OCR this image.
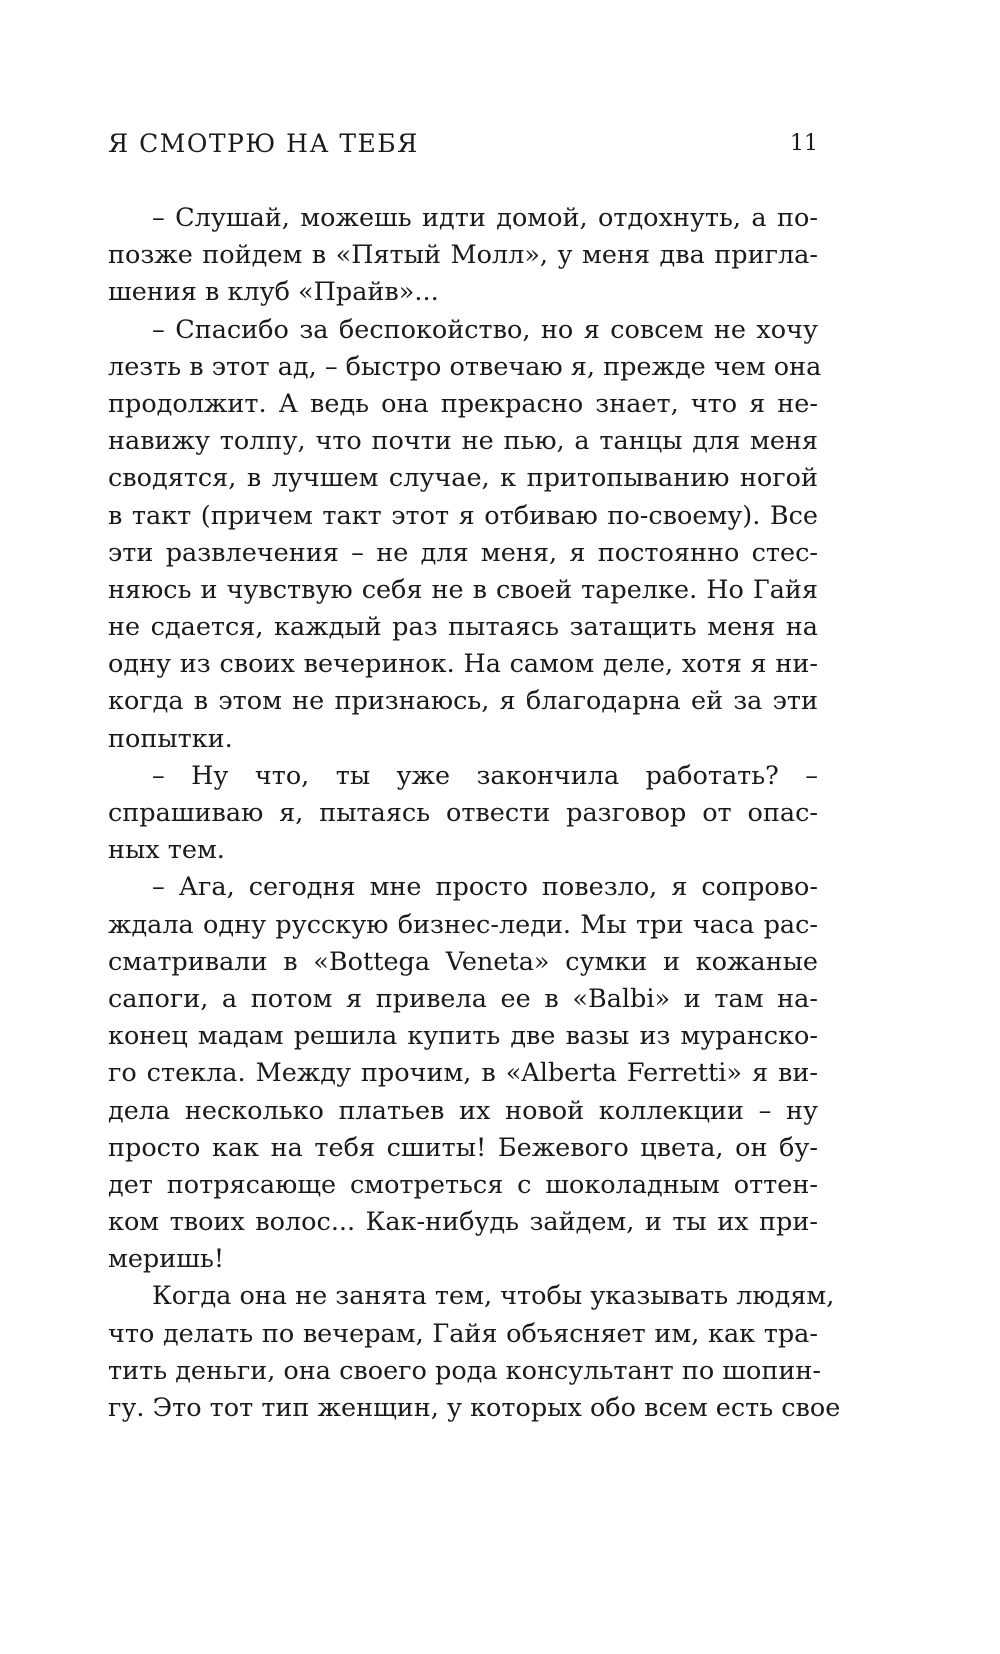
Я СМОТРЮ НА ТЕБЯ	11
– Слушай, можешь идти домой, отдохнуть, а по-
позже пойдем в «Пятый Молл», у меня два пригла-
шения в клуб «Прайв»...
– Спасибо за беспокойство, но я совсем не хочу
лезть в этот ад, – быстро отвечаю я, прежде чем она
продолжит. А ведь она прекрасно знает, что я не-
навижу толпу, что почти не пью, а танцы для меня
сводятся, в лучшем случае, к притопыванию ногой
в такт (причем такт этот я отбиваю по-своему). Все
эти развлечения – не для меня, я постоянно стес-
няюсь и чувствую себя не в своей тарелке. Но Гайя
не сдается, каждый раз пытаясь затащить меня на
одну из своих вечеринок. На самом деле, хотя я ни-
когда в этом не признаюсь, я благодарна ей за эти
попытки.
– Ну что, ты уже закончила работать? –
спрашиваю я, пытаясь отвести разговор от опас-
ных тем.
– Ага, сегодня мне просто повезло, я сопрово-
ждала одну русскую бизнес-леди. Мы три часа рас-
сматривали в «Bottega Veneta» сумки и кожаные
сапоги, а потом я привела ее в «Balbi» и там на-
конец мадам решила купить две вазы из муранско-
го стекла. Между прочим, в «Alberta Ferretti» я ви-
дела несколько платьев их новой коллекции – ну
просто как на тебя сшиты! Бежевого цвета, он бу-
дет потрясающе смотреться с шоколадным оттен-
ком твоих волос... Как-нибудь зайдем, и ты их при-
меришь!
Когда она не занята тем, чтобы указывать людям,
что делать по вечерам, Гайя объясняет им, как тра-
тить деньги, она своего рода консультант по шопин-
гу. Это тот тип женщин, у которых обо всем есть свое
